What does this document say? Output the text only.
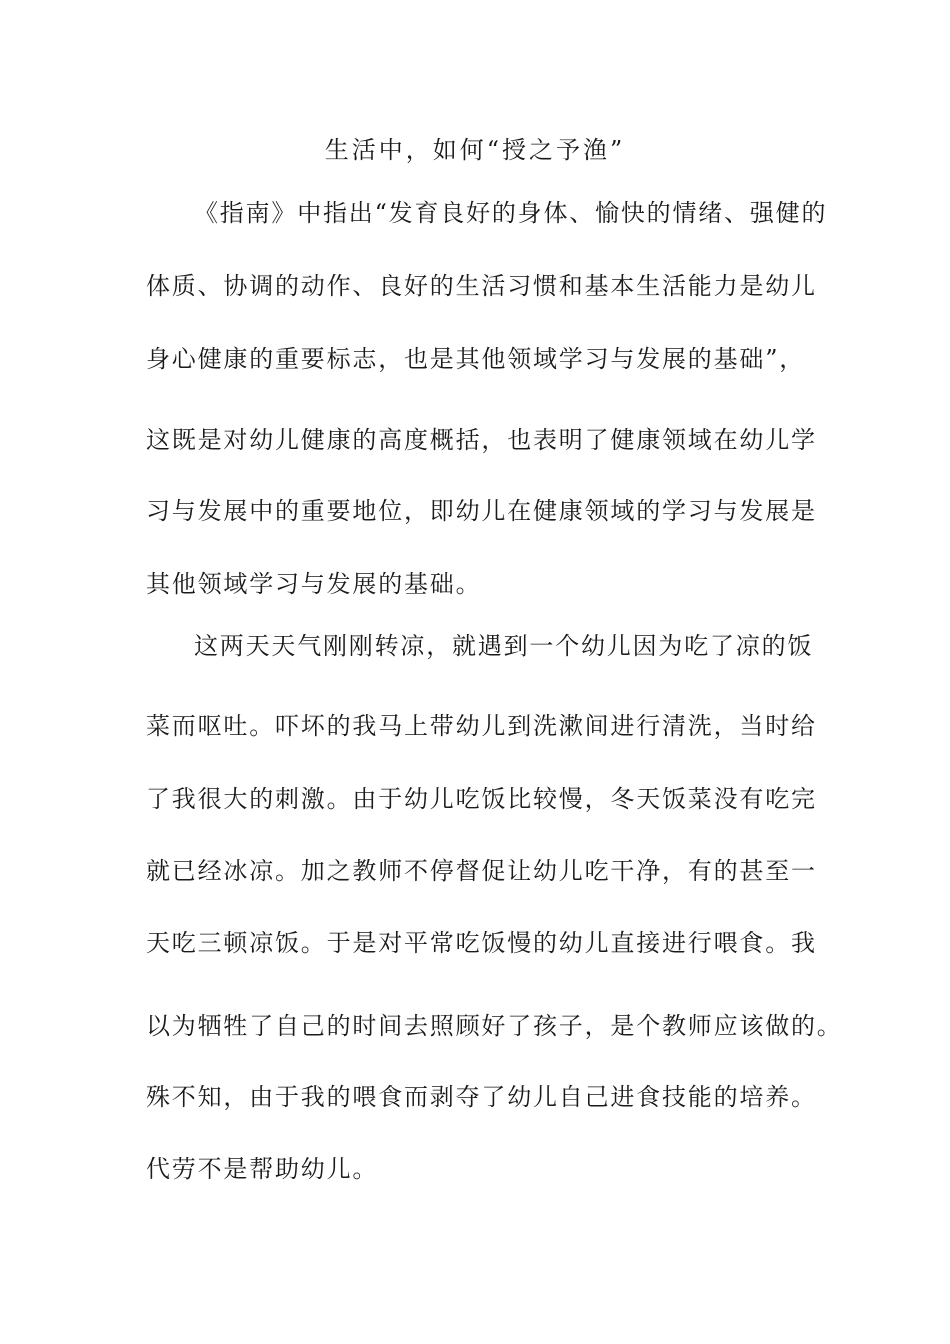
生活中，如何“授之予渔”
《指南》中指出“发育良好的身体、愉快的情绪、强健的
体质、协调的动作、良好的生活习惯和基本生活能力是幼儿
身心健康的重要标志，也是其他领域学习与发展的基础”，
这既是对幼儿健康的高度概括，也表明了健康领域在幼儿学
习与发展中的重要地位，即幼儿在健康领域的学习与发展是
其他领域学习与发展的基础。
这两天天气刚刚转凉，就遇到一个幼儿因为吃了凉的饭
菜而呕吐。吓坏的我马上带幼儿到洗漱间进行清洗，当时给
了我很大的刺激。由于幼儿吃饭比较慢，冬天饭菜没有吃完
就已经冰凉。加之教师不停督促让幼儿吃干净，有的甚至一
天吃三顿凉饭。于是对平常吃饭慢的幼儿直接进行喂食。我
以为牺牲了自己的时间去照顾好了孩子，是个教师应该做的。
殊不知，由于我的喂食而剥夺了幼儿自己进食技能的培养。
代劳不是帮助幼儿。
